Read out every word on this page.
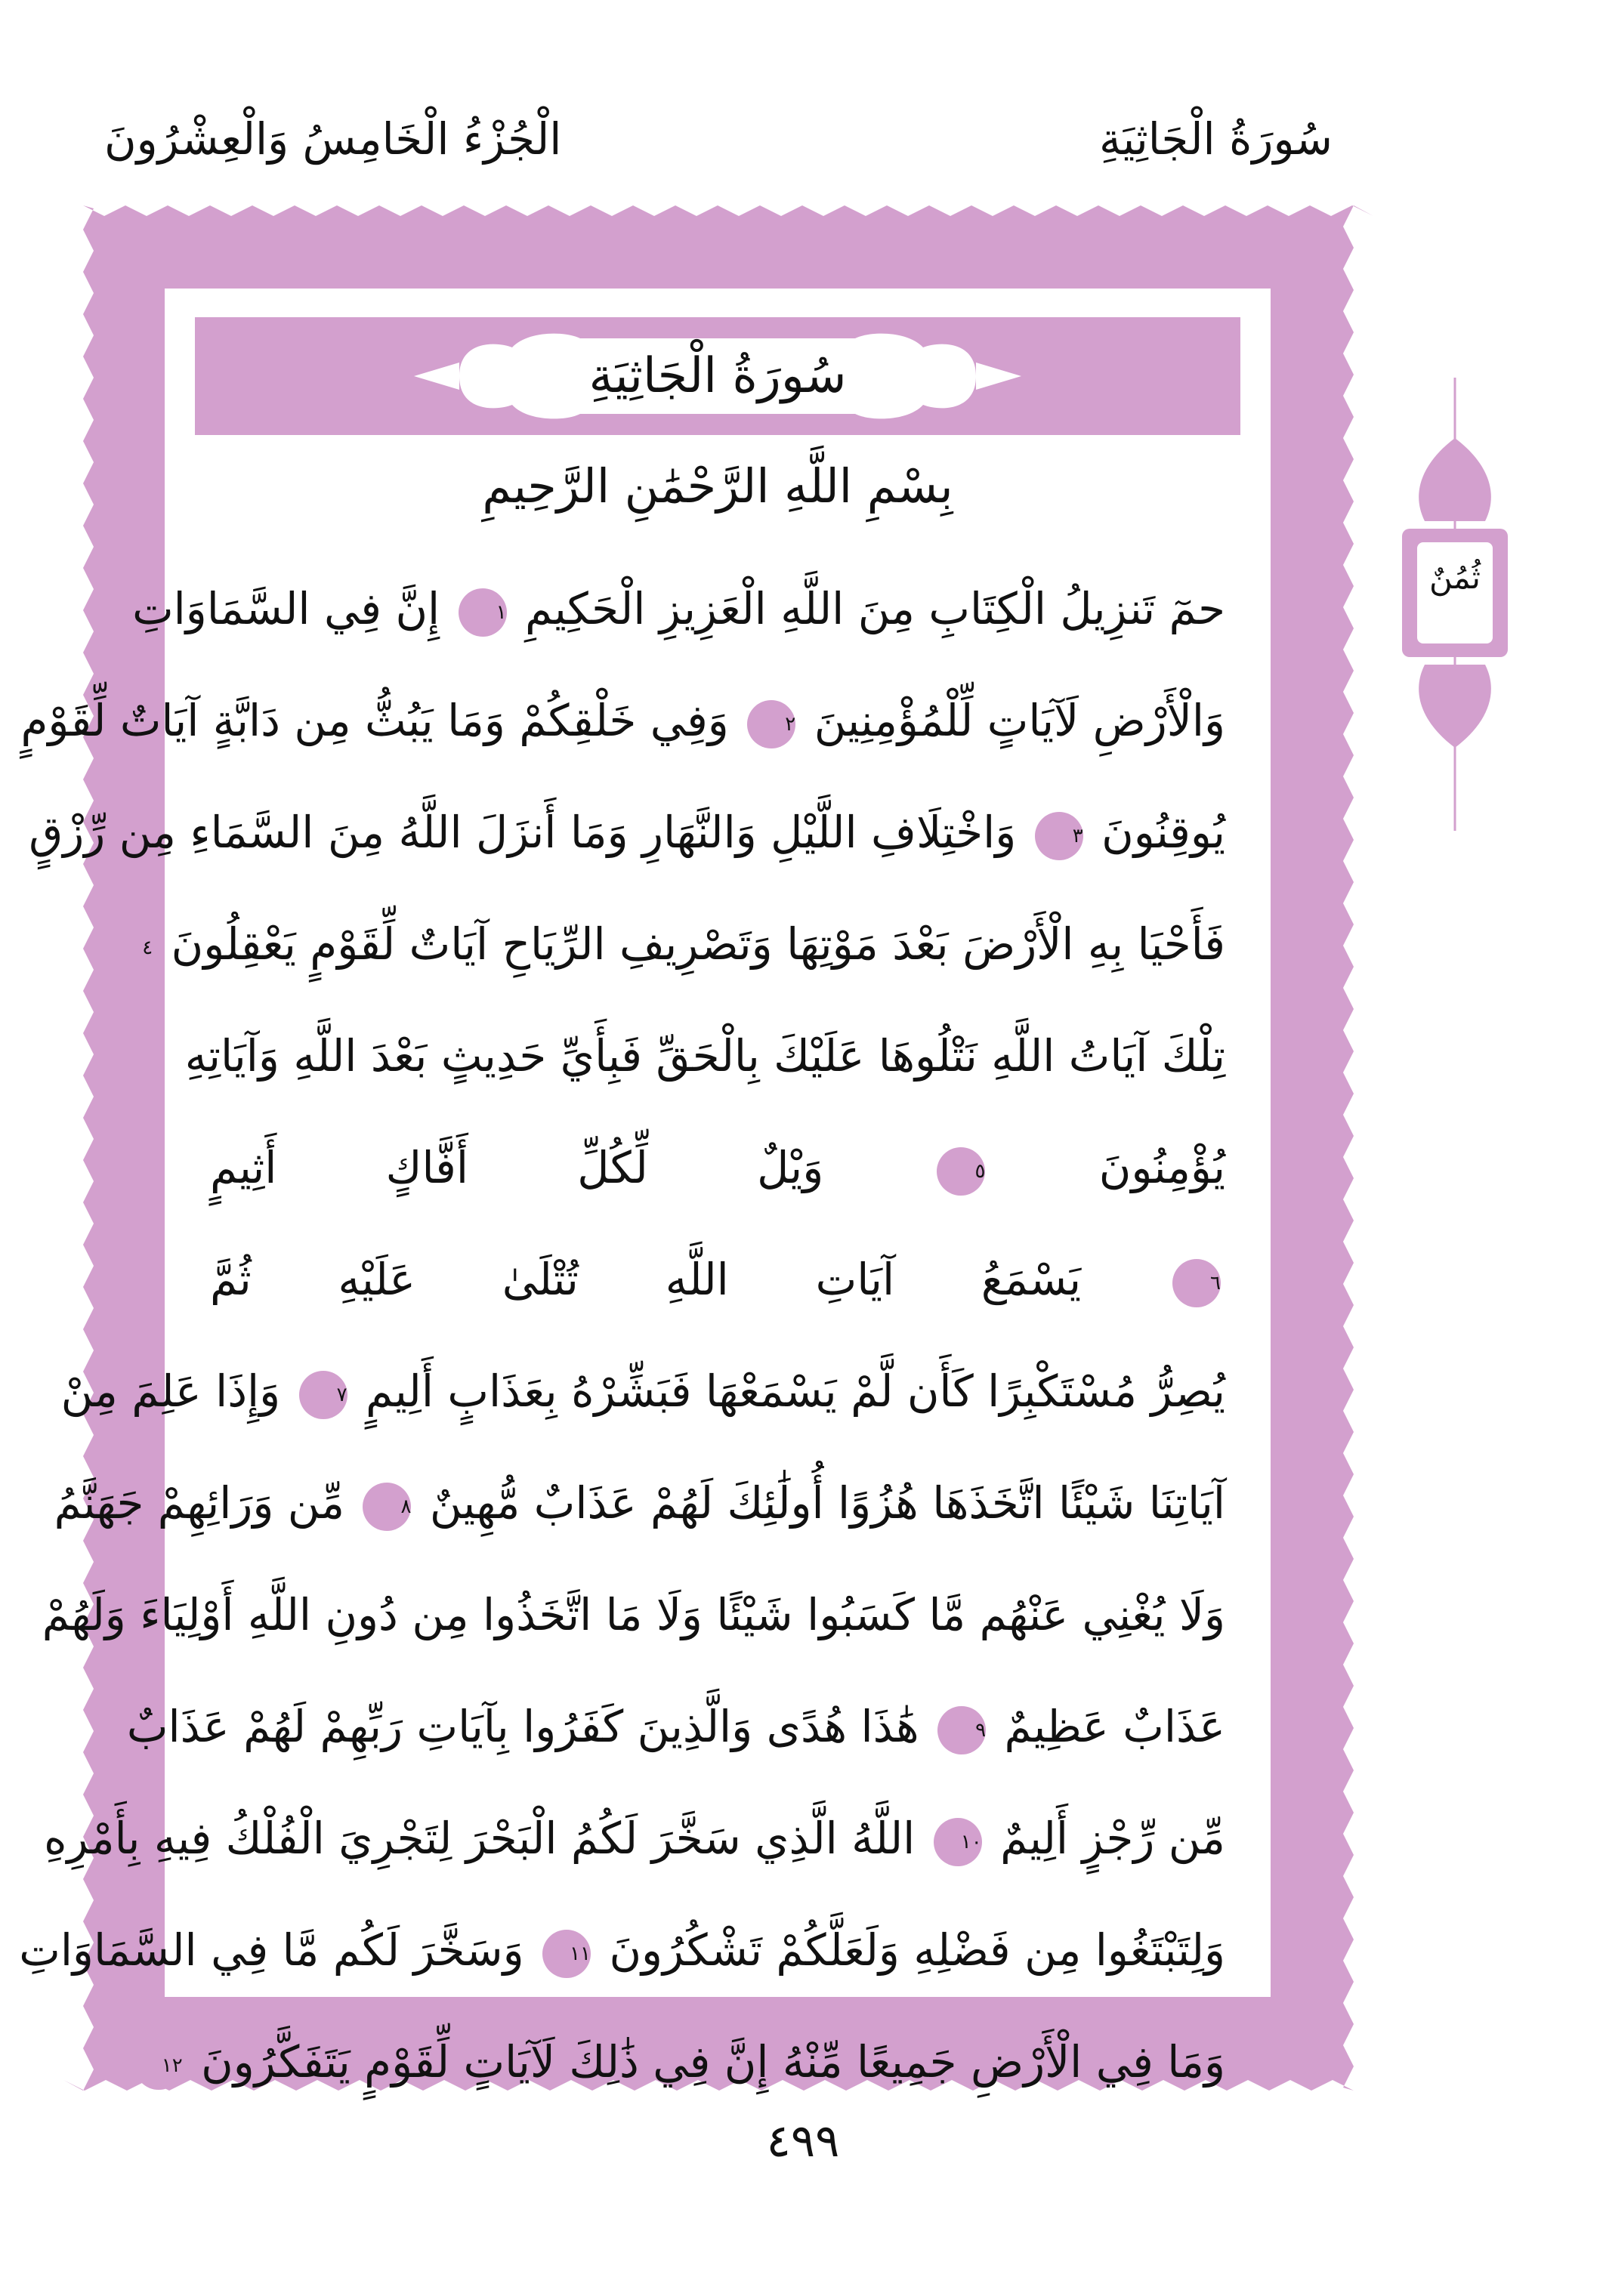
الْجُزْءُ الْخَامِسُ وَالْعِشْرُونَ	سُورَةُ الْجَاثِيَةِ
سُورَةُ الْجَاثِيَةِ
بِسْمِ اللَّهِ الرَّحْمَٰنِ الرَّحِيمِ
حمٓ تَنزِيلُ الْكِتَابِ مِنَ اللَّهِ الْعَزِيزِ الْحَكِيمِ ١ إِنَّ فِي السَّمَاوَاتِ
وَالْأَرْضِ لَآيَاتٍ لِّلْمُؤْمِنِينَ ٢ وَفِي خَلْقِكُمْ وَمَا يَبُثُّ مِن دَابَّةٍ آيَاتٌ لِّقَوْمٍ
يُوقِنُونَ ٣ وَاخْتِلَافِ اللَّيْلِ وَالنَّهَارِ وَمَا أَنزَلَ اللَّهُ مِنَ السَّمَاءِ مِن رِّزْقٍ
فَأَحْيَا بِهِ الْأَرْضَ بَعْدَ مَوْتِهَا وَتَصْرِيفِ الرِّيَاحِ آيَاتٌ لِّقَوْمٍ يَعْقِلُونَ ٤
تِلْكَ آيَاتُ اللَّهِ نَتْلُوهَا عَلَيْكَ بِالْحَقِّ فَبِأَيِّ حَدِيثٍ بَعْدَ اللَّهِ وَآيَاتِهِ
يُؤْمِنُونَ ٥ وَيْلٌ لِّكُلِّ أَفَّاكٍ أَثِيمٍ
٦ يَسْمَعُ آيَاتِ اللَّهِ تُتْلَىٰ عَلَيْهِ ثُمَّ
يُصِرُّ مُسْتَكْبِرًا كَأَن لَّمْ يَسْمَعْهَا فَبَشِّرْهُ بِعَذَابٍ أَلِيمٍ ٧ وَإِذَا عَلِمَ مِنْ
آيَاتِنَا شَيْئًا اتَّخَذَهَا هُزُوًا أُولَٰئِكَ لَهُمْ عَذَابٌ مُّهِينٌ ٨ مِّن وَرَائِهِمْ جَهَنَّمُ
وَلَا يُغْنِي عَنْهُم مَّا كَسَبُوا شَيْئًا وَلَا مَا اتَّخَذُوا مِن دُونِ اللَّهِ أَوْلِيَاءَ وَلَهُمْ
عَذَابٌ عَظِيمٌ ٩ هَٰذَا هُدًى وَالَّذِينَ كَفَرُوا بِآيَاتِ رَبِّهِمْ لَهُمْ عَذَابٌ
مِّن رِّجْزٍ أَلِيمٌ ١٠ اللَّهُ الَّذِي سَخَّرَ لَكُمُ الْبَحْرَ لِتَجْرِيَ الْفُلْكُ فِيهِ بِأَمْرِهِ
وَلِتَبْتَغُوا مِن فَضْلِهِ وَلَعَلَّكُمْ تَشْكُرُونَ ١١ وَسَخَّرَ لَكُم مَّا فِي السَّمَاوَاتِ
وَمَا فِي الْأَرْضِ جَمِيعًا مِّنْهُ إِنَّ فِي ذَٰلِكَ لَآيَاتٍ لِّقَوْمٍ يَتَفَكَّرُونَ ١٢
ثُمُنٌ
٤٩٩
